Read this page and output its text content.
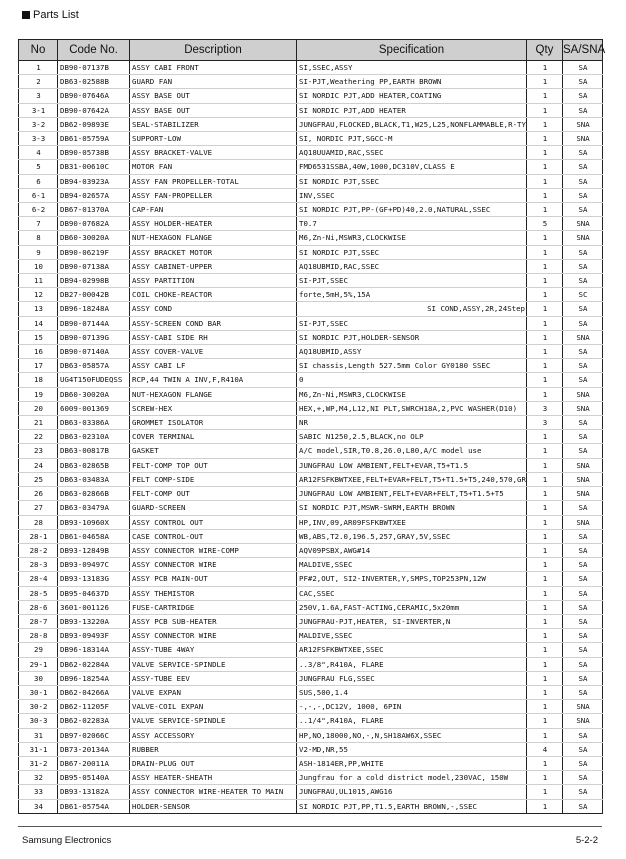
Parts List
No	Code No.	Description	Specification	Qty	SA/SNA
1	DB90-07137B	ASSY CABI FRONT	SI,SSEC,ASSY	1	SA
2	DB63-02588B	GUARD FAN	SI-PJT,Weathering PP,EARTH BROWN	1	SA
3	DB90-07646A	ASSY BASE OUT	SI NORDIC PJT,ADD HEATER,COATING	1	SA
3-1	DB90-07642A	ASSY BASE OUT	SI NORDIC PJT,ADD HEATER	1	SA
3-2	DB62-09893E	SEAL-STABILIZER	JUNGFRAU,FLOCKED,BLACK,T1,W25,L25,NONFLAMMABLE,R-TY	1	SNA
3-3	DB61-05759A	SUPPORT-LOW	SI, NORDIC PJT,SGCC-M	1	SNA
4	DB90-05738B	ASSY BRACKET-VALVE	AQ18UUAMID,RAC,SSEC	1	SA
5	DB31-00610C	MOTOR FAN	FMD6531SSBA,40W,1000,DC310V,CLASS E	1	SA
6	DB94-03923A	ASSY FAN PROPELLER-TOTAL	SI NORDIC PJT,SSEC	1	SA
6-1	DB94-02657A	ASSY FAN-PROPELLER	INV,SSEC	1	SA
6-2	DB67-01370A	CAP-FAN	SI NORDIC PJT,PP-(GF+PD)40,2.0,NATURAL,SSEC	1	SA
7	DB90-07682A	ASSY HOLDER-HEATER	T0.7	5	SNA
8	DB60-30020A	NUT-HEXAGON FLANGE	M6,Zn-Ni,MSWR3,CLOCKWISE	1	SNA
9	DB90-06219F	ASSY BRACKET MOTOR	SI NORDIC PJT,SSEC	1	SA
10	DB90-07138A	ASSY CABINET-UPPER	AQ18UBMID,RAC,SSEC	1	SA
11	DB94-02998B	ASSY PARTITION	SI-PJT,SSEC	1	SA
12	DB27-00042B	COIL CHOKE-REACTOR	forte,5mH,5%,15A	1	SC
13	DB96-18248A	ASSY COND	SI COND,ASSY,2R,24Step	1	SA
14	DB90-07144A	ASSY-SCREEN COND BAR	SI-PJT,SSEC	1	SA
15	DB90-07139G	ASSY-CABI SIDE RH	SI NORDIC PJT,HOLDER-SENSOR	1	SNA
16	DB90-07140A	ASSY COVER-VALVE	AQ18UBMID,ASSY	1	SA
17	DB63-05857A	ASSY CABI LF	SI chassis,Length 527.5mm Color GY0180 SSEC	1	SA
18	UG4T150FUDEQSS	RCP,44 TWIN A INV,F,R410A	0	1	SA
19	DB60-30020A	NUT-HEXAGON FLANGE	M6,Zn-Ni,MSWR3,CLOCKWISE	1	SNA
20	6009-001369	SCREW-HEX	HEX,+,WP,M4,L12,NI PLT,SWRCH18A,2,PVC WASHER(D10)	3	SNA
21	DB63-03386A	GROMMET ISOLATOR	NR	3	SA
22	DB63-02310A	COVER TERMINAL	SABIC N1250,2.5,BLACK,no OLP	1	SA
23	DB63-00817B	GASKET	A/C model,SIR,T0.8,26.0,L80,A/C model use	1	SA
24	DB63-02865B	FELT-COMP TOP OUT	JUNGFRAU LOW AMBIENT,FELT+EVAR,T5+T1.5	1	SNA
25	DB63-03483A	FELT COMP-SIDE	AR12FSFKBWTXEE,FELT+EVAR+FELT,T5+T1.5+T5,240,570,GR	1	SNA
26	DB63-02866B	FELT-COMP OUT	JUNGFRAU LOW AMBIENT,FELT+EVAR+FELT,T5+T1.5+T5	1	SNA
27	DB63-03479A	GUARD-SCREEN	SI NORDIC PJT,MSWR-SWRM,EARTH BROWN	1	SA
28	DB93-10960X	ASSY CONTROL OUT	HP,INV,09,AR09FSFKBWTXEE	1	SNA
28-1	DB61-04658A	CASE CONTROL-OUT	WB,ABS,T2.0,196.5,257,GRAY,5V,SSEC	1	SA
28-2	DB93-12849B	ASSY CONNECTOR WIRE-COMP	AQV09PSBX,AWG#14	1	SA
28-3	DB93-09497C	ASSY CONNECTOR WIRE	MALDIVE,SSEC	1	SA
28-4	DB93-13183G	ASSY PCB MAIN-OUT	PF#2,OUT, SI2-INVERTER,Y,SMPS,TOP253PN,12W	1	SA
28-5	DB95-04637D	ASSY THEMISTOR	CAC,SSEC	1	SA
28-6	3601-001126	FUSE-CARTRIDGE	250V,1.6A,FAST-ACTING,CERAMIC,5x20mm	1	SA
28-7	DB93-13220A	ASSY PCB SUB-HEATER	JUNGFRAU-PJT,HEATER, SI-INVERTER,N	1	SA
28-8	DB93-09493F	ASSY CONNECTOR WIRE	MALDIVE,SSEC	1	SA
29	DB96-18314A	ASSY-TUBE 4WAY	AR12FSFKBWTXEE,SSEC	1	SA
29-1	DB62-02284A	VALVE SERVICE-SPINDLE	..3/8",R410A, FLARE	1	SA
30	DB96-18254A	ASSY-TUBE EEV	JUNGFRAU FLG,SSEC	1	SA
30-1	DB62-04266A	VALVE EXPAN	SUS,500,1.4	1	SA
30-2	DB62-11205F	VALVE-COIL EXPAN	-,-,-,DC12V, 1000, 6PIN	1	SNA
30-3	DB62-02283A	VALVE SERVICE-SPINDLE	..1/4",R410A, FLARE	1	SNA
31	DB97-02066C	ASSY ACCESSORY	HP,NO,18000,NO,-,N,SH18AW6X,SSEC	1	SA
31-1	DB73-20134A	RUBBER	V2-MD,NR,55	4	SA
31-2	DB67-20011A	DRAIN-PLUG OUT	ASH-1814ER,PP,WHITE	1	SA
32	DB95-05140A	ASSY HEATER-SHEATH	Jungfrau for a cold district model,230VAC, 150W	1	SA
33	DB93-13182A	ASSY CONNECTOR WIRE-HEATER TO MAIN	JUNGFRAU,UL1015,AWG16	1	SA
34	DB61-05754A	HOLDER-SENSOR	SI NORDIC PJT,PP,T1.5,EARTH BROWN,-,SSEC	1	SA
Samsung Electronics	5-2-2
